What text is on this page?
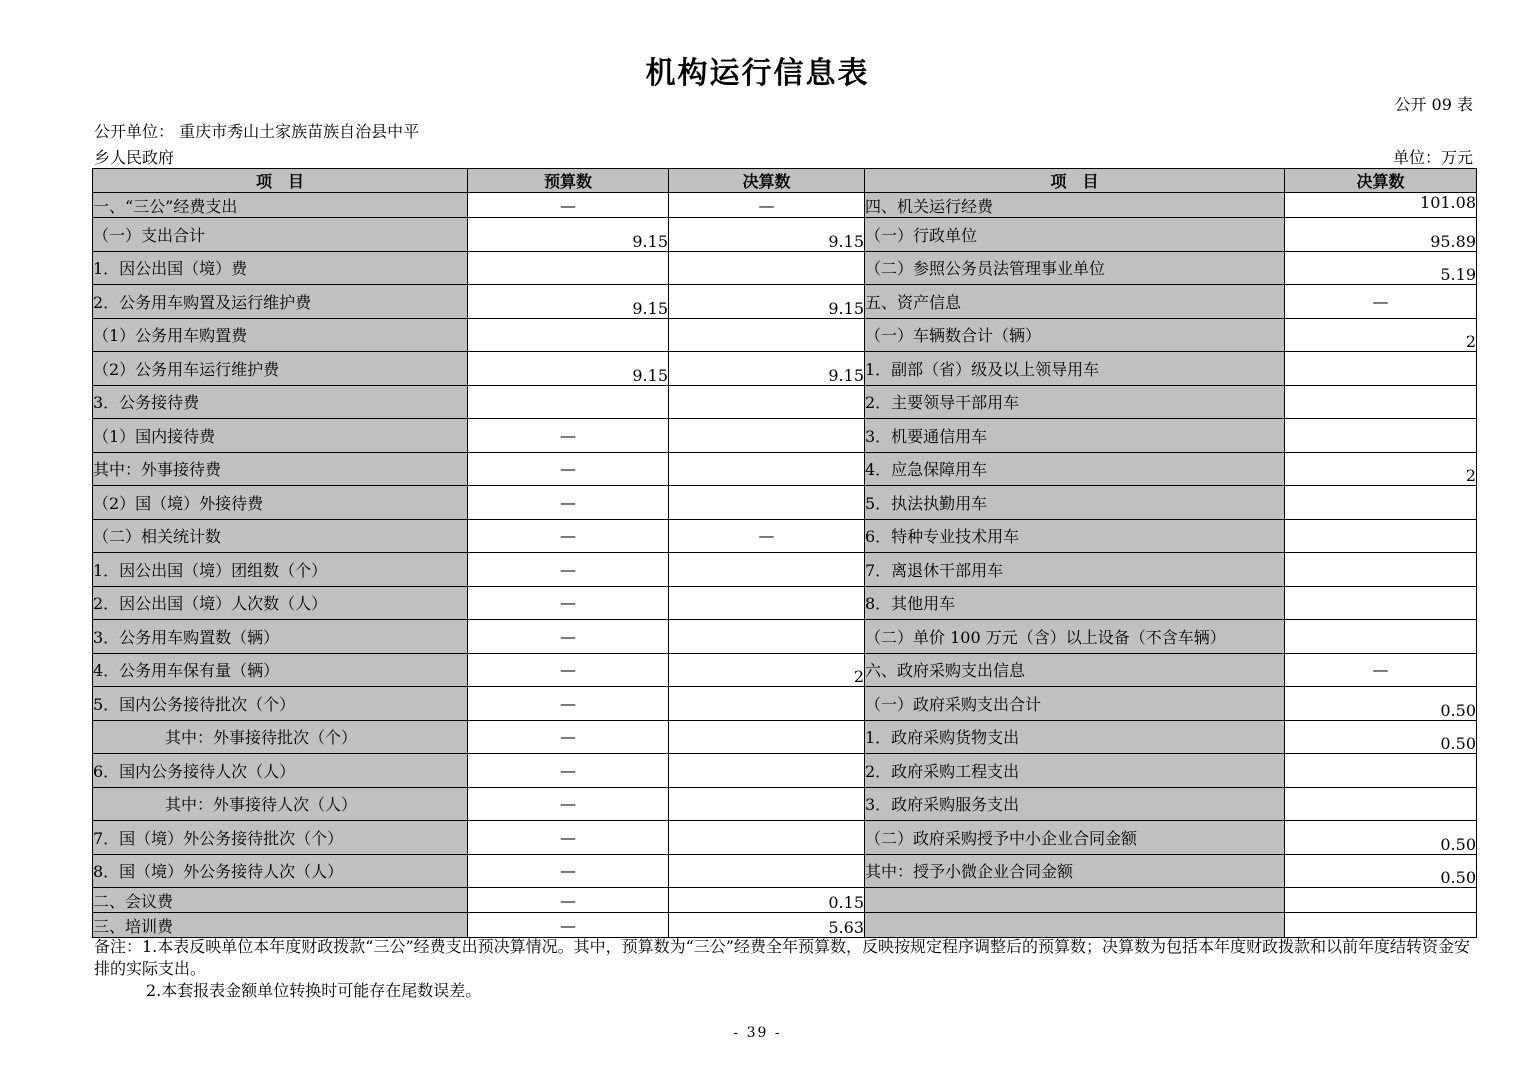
机构运行信息表
公开 09 表
公开单位： 重庆市秀山土家族苗族自治县中平
乡人民政府	单位：万元
项　目	预算数	决算数	项　目	决算数
一、“三公”经费支出	—	—	四、机关运行经费	101.08
（一）支出合计	9.15	9.15	（一）行政单位	95.89
1．因公出国（境）费			（二）参照公务员法管理事业单位	5.19
2．公务用车购置及运行维护费	9.15	9.15	五、资产信息	—
（1）公务用车购置费			（一）车辆数合计（辆）	2
（2）公务用车运行维护费	9.15	9.15	1．副部（省）级及以上领导用车	
3．公务接待费			2．主要领导干部用车	
（1）国内接待费	—		3．机要通信用车	
其中：外事接待费	—		4．应急保障用车	2
（2）国（境）外接待费	—		5．执法执勤用车	
（二）相关统计数	—	—	6．特种专业技术用车	
1．因公出国（境）团组数（个）	—		7．离退休干部用车	
2．因公出国（境）人次数（人）	—		8．其他用车	
3．公务用车购置数（辆）	—		（二）单价 100 万元（含）以上设备（不含车辆）	
4．公务用车保有量（辆）	—	2	六、政府采购支出信息	—
5．国内公务接待批次（个）	—		（一）政府采购支出合计	0.50
其中：外事接待批次（个）	—		1．政府采购货物支出	0.50
6．国内公务接待人次（人）	—		2．政府采购工程支出	
其中：外事接待人次（人）	—		3．政府采购服务支出	
7．国（境）外公务接待批次（个）	—		（二）政府采购授予中小企业合同金额	0.50
8．国（境）外公务接待人次（人）	—		其中：授予小微企业合同金额	0.50
二、会议费	—	0.15		
三、培训费	—	5.63		

备注：1.本表反映单位本年度财政拨款“三公”经费支出预决算情况。其中，预算数为“三公”经费全年预算数，反映按规定程序调整后的预算数；决算数为包括本年度财政拨款和以前年度结转资金安排的实际支出。

2.本套报表金额单位转换时可能存在尾数误差。

- 39 -
